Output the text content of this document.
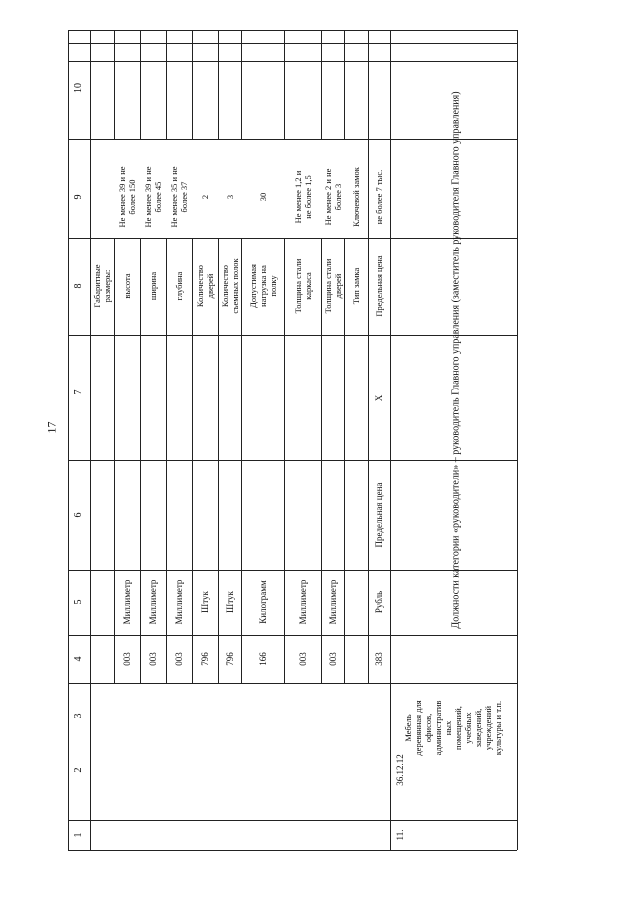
17
10
9
8
7
6
5
4
3
2
1
Габаритные
размеры:
003
Миллиметр
высота
Не менее 39 и не
более 150
003
Миллиметр
ширина
Не менее 39 и не
более 45
003
Миллиметр
глубина
Не менее 35 и не
более 37
796
Штук
Количество
дверей
2
796
Штук
Количество
съемных полок
3
166
Килограмм
Допустимая
нагрузка на
полку
30
003
Миллиметр
Толщина стали
каркаса
Не менее 1,2 и
не более 1,5
003
Миллиметр
Толщина стали
дверей
Не менее 2 и не
более 3
Тип замка
Ключевой замок
383
Рубль
Предельная цена
X
Предельная цена
не более 7 тыс.
11.
36.12.12
Мебель
деревянная для
офисов,
административ
ных
помещений,
учебных
заведений,
учреждений
культуры и т.п.
Должности категории «руководители» – руководитель Главного управления (заместитель руководителя Главного управления)
